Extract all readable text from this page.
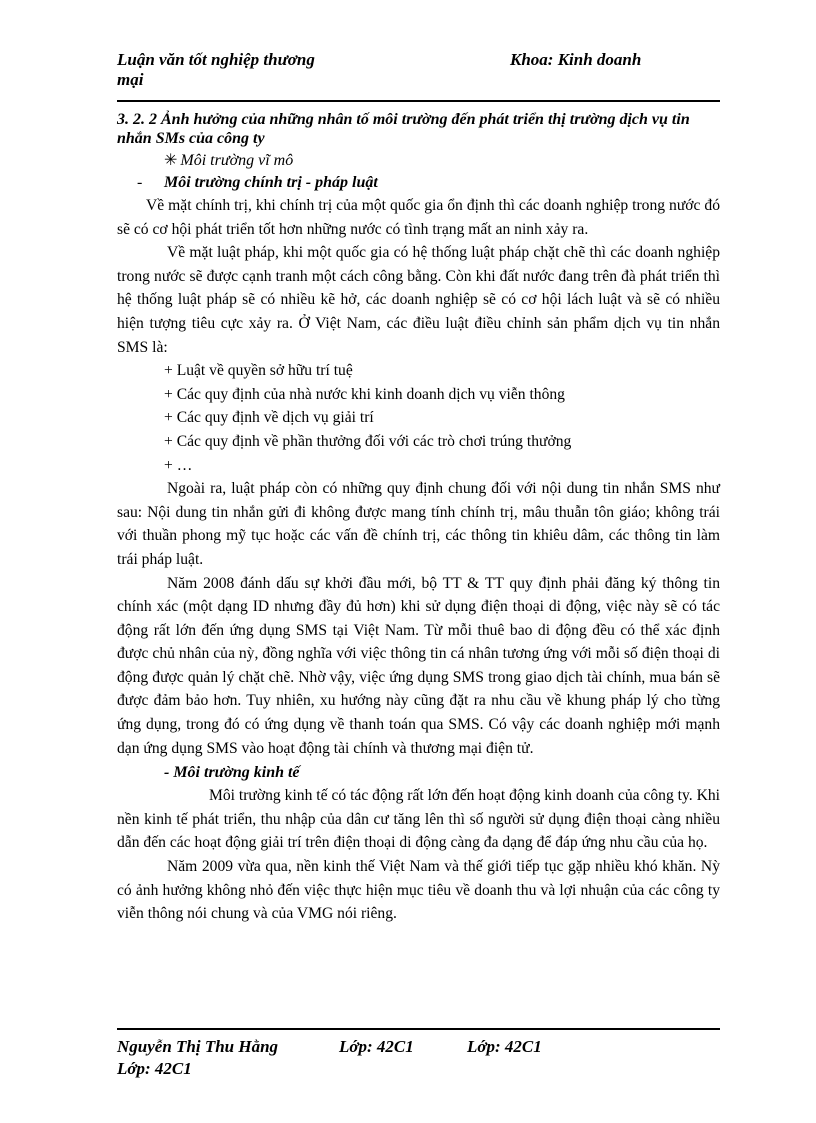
Luận văn tốt nghiệp thương mại
Khoa: Kinh doanh

3. 2. 2 Ảnh hưởng của những nhân tố môi trường đến phát triển thị trường dịch vụ tin nhắn SMs của công ty

✳ Môi trường vĩ mô
- Môi trường chính trị - pháp luật

Về mặt chính trị, khi chính trị của một quốc gia ổn định thì các doanh nghiệp trong nước đó sẽ có cơ hội phát triển tốt hơn những nước có tình trạng mất an ninh xảy ra.

Về mặt luật pháp, khi một quốc gia có hệ thống luật pháp chặt chẽ thì các doanh nghiệp trong nước sẽ được cạnh tranh một cách công bằng. Còn khi đất nước đang trên đà phát triển thì hệ thống luật pháp sẽ có nhiều kẽ hở, các doanh nghiệp sẽ có cơ hội lách luật và sẽ có nhiều hiện tượng tiêu cực xảy ra. Ở Việt Nam, các điều luật điều chỉnh sản phẩm dịch vụ tin nhắn SMS là:

+ Luật về quyền sở hữu trí tuệ
+ Các quy định của nhà nước khi kinh doanh dịch vụ viễn thông
+ Các quy định về dịch vụ giải trí
+ Các quy định về phần thưởng đối với các trò chơi trúng thưởng
+ …

Ngoài ra, luật pháp còn có những quy định chung đối với nội dung tin nhắn SMS như sau: Nội dung tin nhắn gửi đi không được mang tính chính trị, mâu thuẫn tôn giáo; không trái với thuần phong mỹ tục hoặc các vấn đề chính trị, các thông tin khiêu dâm, các thông tin làm trái pháp luật.

Năm 2008 đánh dấu sự khởi đầu mới, bộ TT & TT quy định phải đăng ký thông tin chính xác (một dạng ID nhưng đầy đủ hơn) khi sử dụng điện thoại di động, việc này sẽ có tác động rất lớn đến ứng dụng SMS tại Việt Nam. Từ mỗi thuê bao di động đều có thể xác định được chủ nhân của nỳ, đồng nghĩa với việc thông tin cá nhân tương ứng với mỗi số điện thoại di động được quản lý chặt chẽ. Nhờ vậy, việc ứng dụng SMS trong giao dịch tài chính, mua bán sẽ được đảm bảo hơn. Tuy nhiên, xu hướng này cũng đặt ra nhu cầu về khung pháp lý cho từng ứng dụng, trong đó có ứng dụng về thanh toán qua SMS. Có vậy các doanh nghiệp mới mạnh dạn ứng dụng SMS vào hoạt động tài chính và thương mại điện tử.

- Môi trường kinh tế

Môi trường kinh tế có tác động rất lớn đến hoạt động kinh doanh của công ty. Khi nền kinh tế phát triển, thu nhập của dân cư tăng lên thì số người sử dụng điện thoại càng nhiều dẫn đến các hoạt động giải trí trên điện thoại di động càng đa dạng để đáp ứng nhu cầu của họ.

Năm 2009 vừa qua, nền kinh thế Việt Nam và thế giới tiếp tục gặp nhiều khó khăn. Nỳ có ảnh hưởng không nhỏ đến việc thực hiện mục tiêu về doanh thu và lợi nhuận của các công ty viễn thông nói chung và của VMG nói riêng.

Nguyễn Thị Thu Hằng	Lớp: 42C1	Lớp: 42C1
Lớp: 42C1
